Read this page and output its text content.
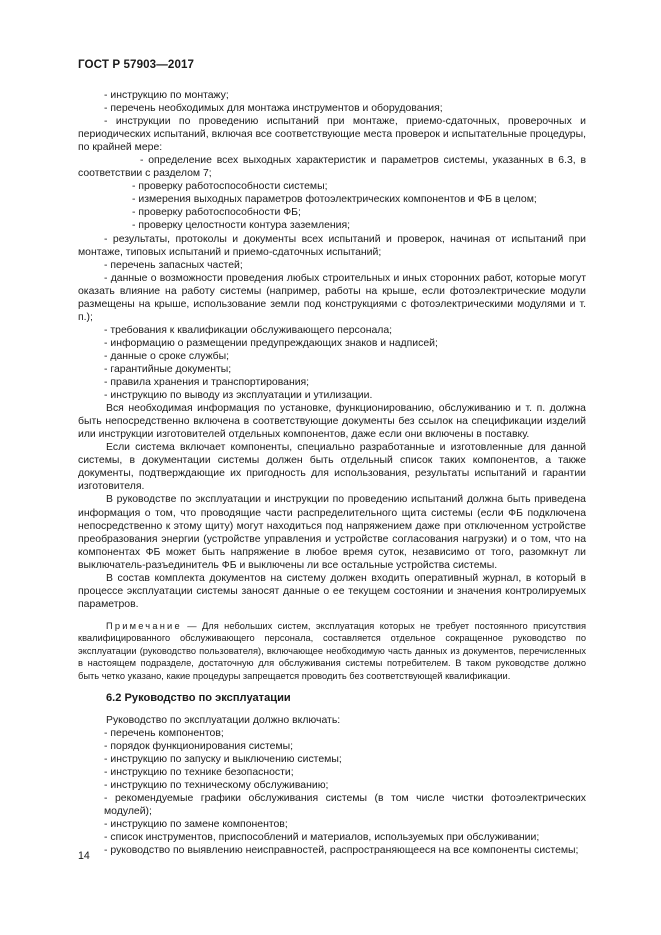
ГОСТ Р 57903—2017

- инструкцию по монтажу;

- перечень необходимых для монтажа инструментов и оборудования;

- инструкции по проведению испытаний при монтаже, приемо-сдаточных, проверочных и периодических испытаний, включая все соответствующие места проверок и испытательные процедуры, по крайней мере:

- определение всех выходных характеристик и параметров системы, указанных в 6.3, в соответствии с разделом 7;

- проверку работоспособности системы;

- измерения выходных параметров фотоэлектрических компонентов и ФБ в целом;

- проверку работоспособности ФБ;

- проверку целостности контура заземления;

- результаты, протоколы и документы всех испытаний и проверок, начиная от испытаний при монтаже, типовых испытаний и приемо-сдаточных испытаний;

- перечень запасных частей;

- данные о возможности проведения любых строительных и иных сторонних работ, которые могут оказать влияние на работу системы (например, работы на крыше, если фотоэлектрические модули размещены на крыше, использование земли под конструкциями с фотоэлектрическими модулями и т. п.);

- требования к квалификации обслуживающего персонала;

- информацию о размещении предупреждающих знаков и надписей;

- данные о сроке службы;

- гарантийные документы;

- правила хранения и транспортирования;

- инструкцию по выводу из эксплуатации и утилизации.

Вся необходимая информация по установке, функционированию, обслуживанию и т. п. должна быть непосредственно включена в соответствующие документы без ссылок на спецификации изделий или инструкции изготовителей отдельных компонентов, даже если они включены в поставку.

Если система включает компоненты, специально разработанные и изготовленные для данной системы, в документации системы должен быть отдельный список таких компонентов, а также документы, подтверждающие их пригодность для использования, результаты испытаний и гарантии изготовителя.

В руководстве по эксплуатации и инструкции по проведению испытаний должна быть приведена информация о том, что проводящие части распределительного щита системы (если ФБ подключена непосредственно к этому щиту) могут находиться под напряжением даже при отключенном устройстве преобразования энергии (устройстве управления и устройстве согласования нагрузки) и о том, что на компонентах ФБ может быть напряжение в любое время суток, независимо от того, разомкнут ли выключатель-разъединитель ФБ и выключены ли все остальные устройства системы.

В состав комплекта документов на систему должен входить оперативный журнал, в который в процессе эксплуатации системы заносят данные о ее текущем состоянии и значения контролируемых параметров.

Примечание — Для небольших систем, эксплуатация которых не требует постоянного присутствия квалифицированного обслуживающего персонала, составляется отдельное сокращенное руководство по эксплуатации (руководство пользователя), включающее необходимую часть данных из документов, перечисленных в настоящем подразделе, достаточную для обслуживания системы потребителем. В таком руководстве должно быть четко указано, какие процедуры запрещается проводить без соответствующей квалификации.

6.2 Руководство по эксплуатации

Руководство по эксплуатации должно включать:

- перечень компонентов;

- порядок функционирования системы;

- инструкцию по запуску и выключению системы;

- инструкцию по технике безопасности;

- инструкцию по техническому обслуживанию;

- рекомендуемые графики обслуживания системы (в том числе чистки фотоэлектрических модулей);

- инструкцию по замене компонентов;

- список инструментов, приспособлений и материалов, используемых при обслуживании;

- руководство по выявлению неисправностей, распространяющееся на все компоненты системы;

14
